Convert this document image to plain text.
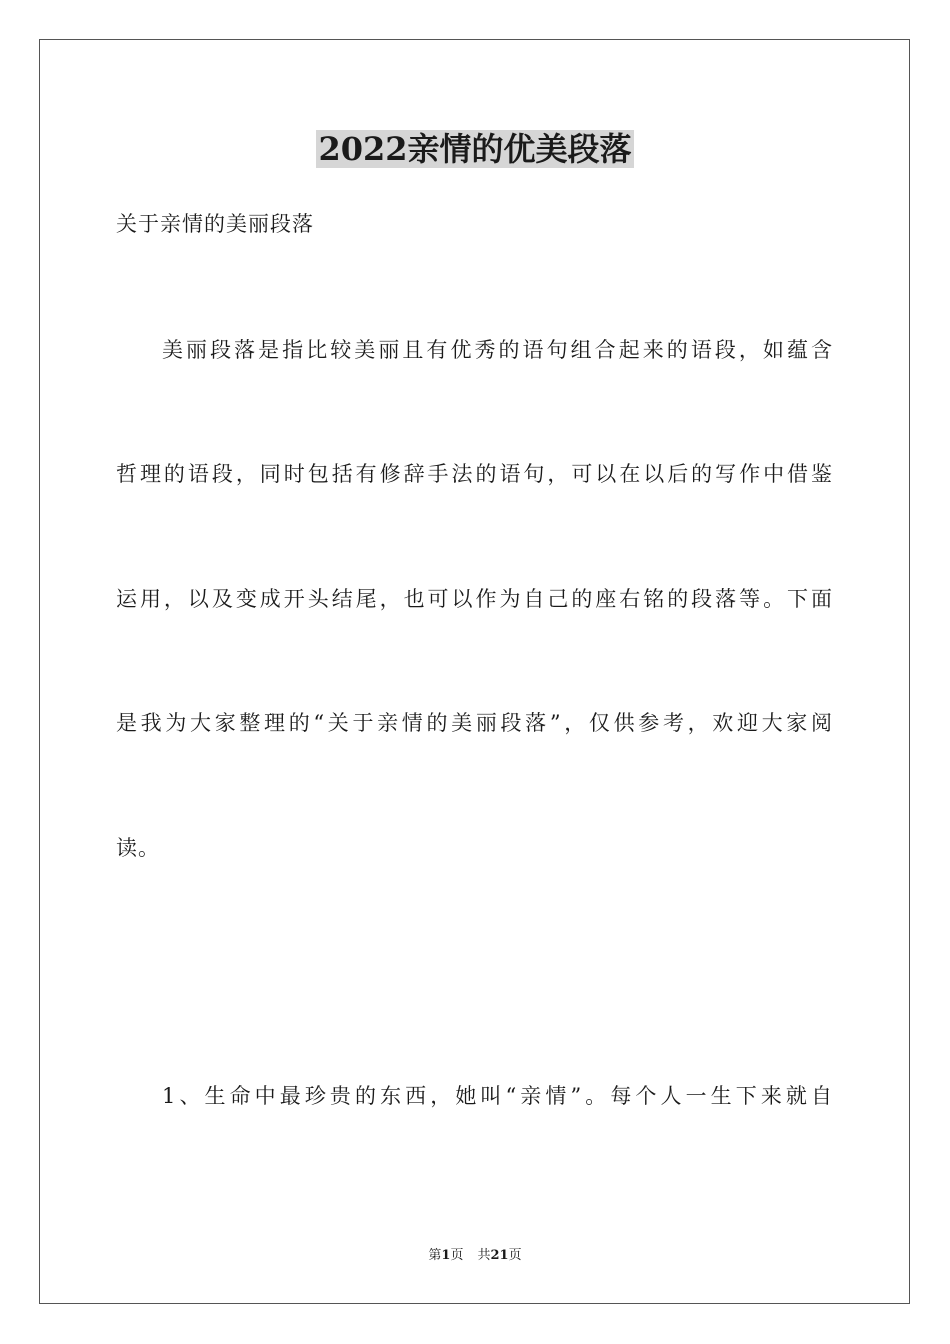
2022亲情的优美段落
关于亲情的美丽段落
美丽段落是指比较美丽且有优秀的语句组合起来的语段，如蕴含
哲理的语段，同时包括有修辞手法的语句，可以在以后的写作中借鉴
运用，以及变成开头结尾，也可以作为自己的座右铭的段落等。下面
是我为大家整理的“关于亲情的美丽段落”，仅供参考，欢迎大家阅
读。
1、生命中最珍贵的东西，她叫“亲情”。每个人一生下来就自
第1页 共21页
